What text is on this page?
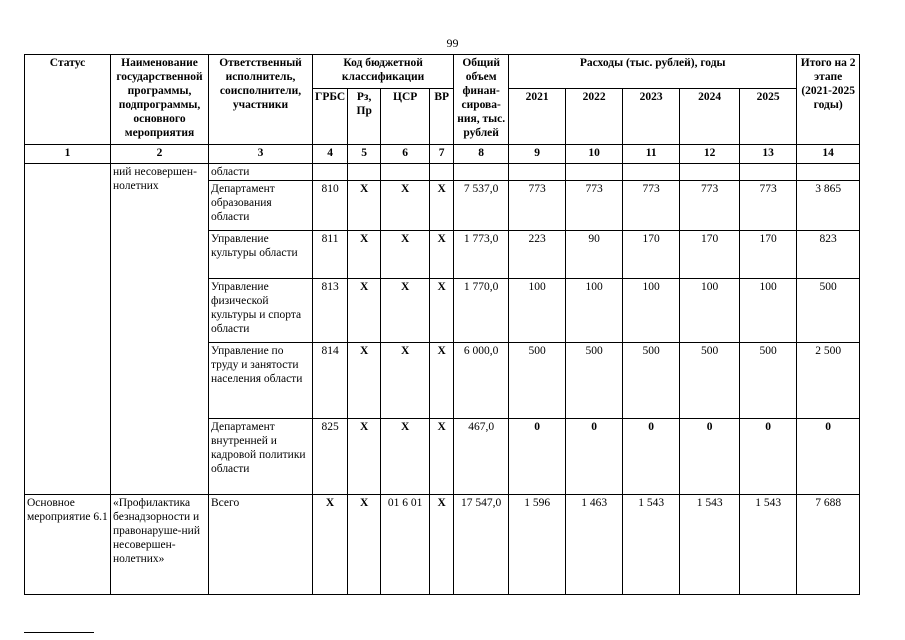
99
Статус	Наименование государственной программы, подпрограммы, основного мероприятия	Ответственный исполнитель, соисполнители, участники	Код бюджетной классификации				Общий объем финан-сирова-ния, тыс. рублей	Расходы (тыс. рублей), годы					Итого на 2 этапе (2021-2025 годы)
			ГРБС	Рз, Пр	ЦСР	ВР		2021	2022	2023	2024	2025	
1	2	3	4	5	6	7	8	9	10	11	12	13	14
	ний несовершен-нолетних	области											
		Департамент образования области	810	X	X	X	7 537,0	773	773	773	773	773	3 865
		Управление культуры области	811	X	X	X	1 773,0	223	90	170	170	170	823
		Управление физической культуры и спорта области	813	X	X	X	1 770,0	100	100	100	100	100	500
		Управление по труду и занятости населения области	814	X	X	X	6 000,0	500	500	500	500	500	2 500
		Департамент внутренней и кадровой политики области	825	X	X	X	467,0	0	0	0	0	0	0
Основное мероприятие 6.1	«Профилактика безнадзорности и правонаруше-ний несовершен-нолетних»	Всего	X	X	01 6 01	X	17 547,0	1 596	1 463	1 543	1 543	1 543	7 688
